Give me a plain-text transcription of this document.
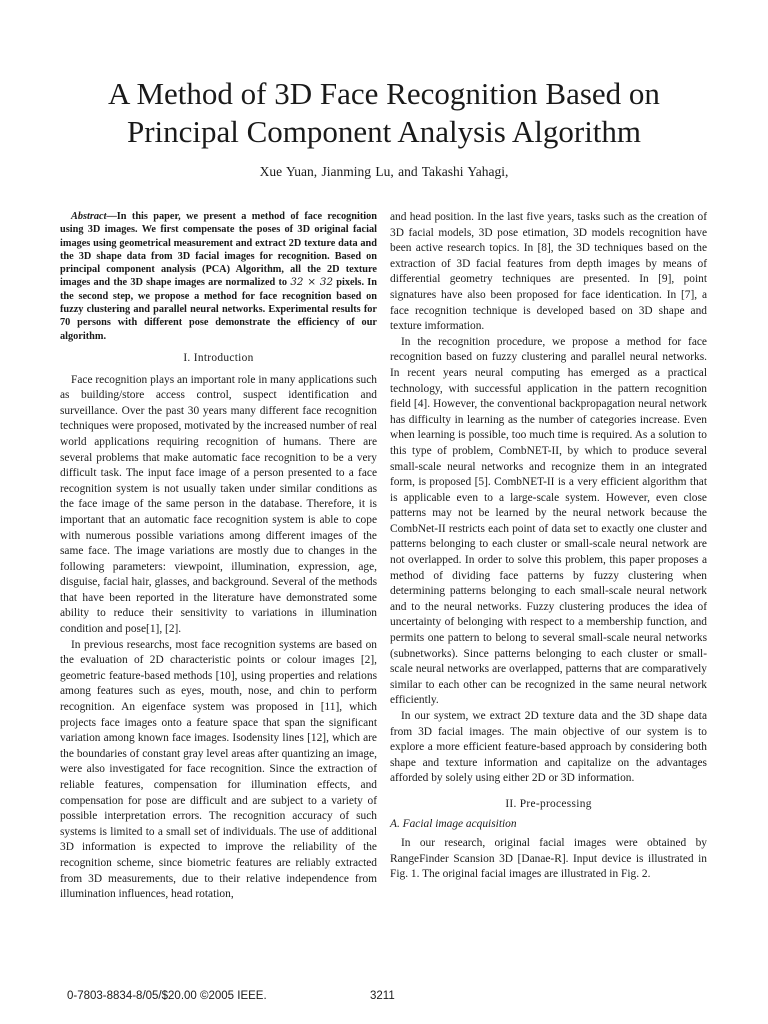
A Method of 3D Face Recognition Based on
Principal Component Analysis Algorithm
Xue Yuan, Jianming Lu, and Takashi Yahagi,

Abstract—In this paper, we present a method of face recognition using 3D images. We first compensate the poses of 3D original facial images using geometrical measurement and extract 2D texture data and the 3D shape data from 3D facial images for recognition. Based on principal component analysis (PCA) Algorithm, all the 2D texture images and the 3D shape images are normalized to 32 × 32 pixels. In the second step, we propose a method for face recognition based on fuzzy clustering and parallel neural networks. Experimental results for 70 persons with different pose demonstrate the efficiency of our algorithm.

I. Introduction

Face recognition plays an important role in many applications such as building/store access control, suspect identification and surveillance. Over the past 30 years many different face recognition techniques were proposed, motivated by the increased number of real world applications requiring recognition of humans. There are several problems that make automatic face recognition to be a very difficult task. The input face image of a person presented to a face recognition system is not usually taken under similar conditions as the face image of the same person in the database. Therefore, it is important that an automatic face recognition system is able to cope with numerous possible variations among different images of the same face. The image variations are mostly due to changes in the following parameters: viewpoint, illumination, expression, age, disguise, facial hair, glasses, and background. Several of the methods that have been reported in the literature have demonstrated some ability to reduce their sensitivity to variations in illumination condition and pose[1], [2].

In previous researchs, most face recognition systems are based on the evaluation of 2D characteristic points or colour images [2], geometric feature-based methods [10], using properties and relations among features such as eyes, mouth, nose, and chin to perform recognition. An eigenface system was proposed in [11], which projects face images onto a feature space that span the significant variation among known face images. Isodensity lines [12], which are the boundaries of constant gray level areas after quantizing an image, were also investigated for face recognition. Since the extraction of reliable features, compensation for illumination effects, and compensation for pose are difficult and are subject to a variety of possible interpretation errors. The recognition accuracy of such systems is limited to a small set of individuals. The use of additional 3D information is expected to improve the reliability of the recognition scheme, since biometric features are reliably extracted from 3D measurements, due to their relative independence from illumination influences, head rotation,

and head position. In the last five years, tasks such as the creation of 3D facial models, 3D pose etimation, 3D models recognition have been active research topics. In [8], the 3D techniques based on the extraction of 3D facial features from depth images by means of differential geometry techniques are presented. In [9], point signatures have also been proposed for face identication. In [7], a face recognition technique is developed based on 3D shape and texture imformation.

In the recognition procedure, we propose a method for face recognition based on fuzzy clustering and parallel neural networks. In recent years neural computing has emerged as a practical technology, with successful application in the pattern recognition field [4]. However, the conventional backpropagation neural network has difficulty in learning as the number of categories increase. Even when learning is possible, too much time is required. As a solution to this type of problem, CombNET-II, by which to produce several small-scale neural networks and recognize them in an integrated form, is proposed [5]. CombNET-II is a very efficient algorithm that is applicable even to a large-scale system. However, even close patterns may not be learned by the neural network because the CombNet-II restricts each point of data set to exactly one cluster and patterns belonging to each cluster or small-scale neural network are not overlapped. In order to solve this problem, this paper proposes a method of dividing face patterns by fuzzy clustering when determining patterns belonging to each small-scale neural network and to the neural networks. Fuzzy clustering produces the idea of uncertainty of belonging with respect to a membership function, and permits one pattern to belong to several small-scale neural networks (subnetworks). Since patterns belonging to each cluster or small-scale neural networks are overlapped, patterns that are comparatively similar to each other can be recognized in the same neural network efficiently.

In our system, we extract 2D texture data and the 3D shape data from 3D facial images. The main objective of our system is to explore a more efficient feature-based approach by considering both shape and texture information and capitalize on the advantages afforded by solely using either 2D or 3D information.

II. Pre-processing
A. Facial image acquisition

In our research, original facial images were obtained by RangeFinder Scansion 3D [Danae-R]. Input device is illustrated in Fig. 1. The original facial images are illustrated in Fig. 2.

0-7803-8834-8/05/$20.00 ©2005 IEEE.	3211
